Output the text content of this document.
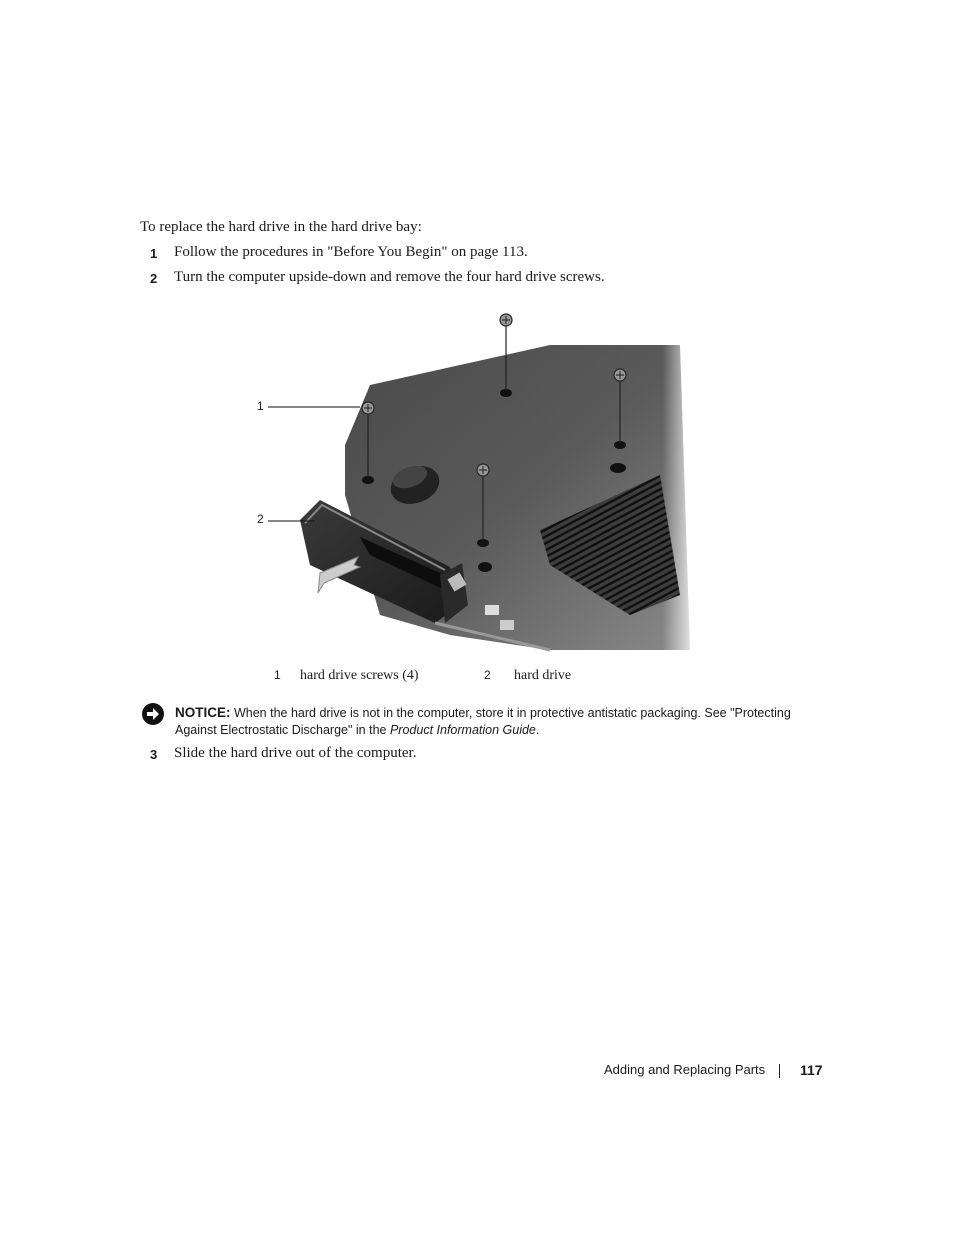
To replace the hard drive in the hard drive bay:
1	Follow the procedures in "Before You Begin" on page 113.
2	Turn the computer upside-down and remove the four hard drive screws.
1
2
1 hard drive screws (4)	2 hard drive
NOTICE: When the hard drive is not in the computer, store it in protective antistatic packaging. See "Protecting Against Electrostatic Discharge" in the Product Information Guide.
3	Slide the hard drive out of the computer.
Adding and Replacing Parts 117
